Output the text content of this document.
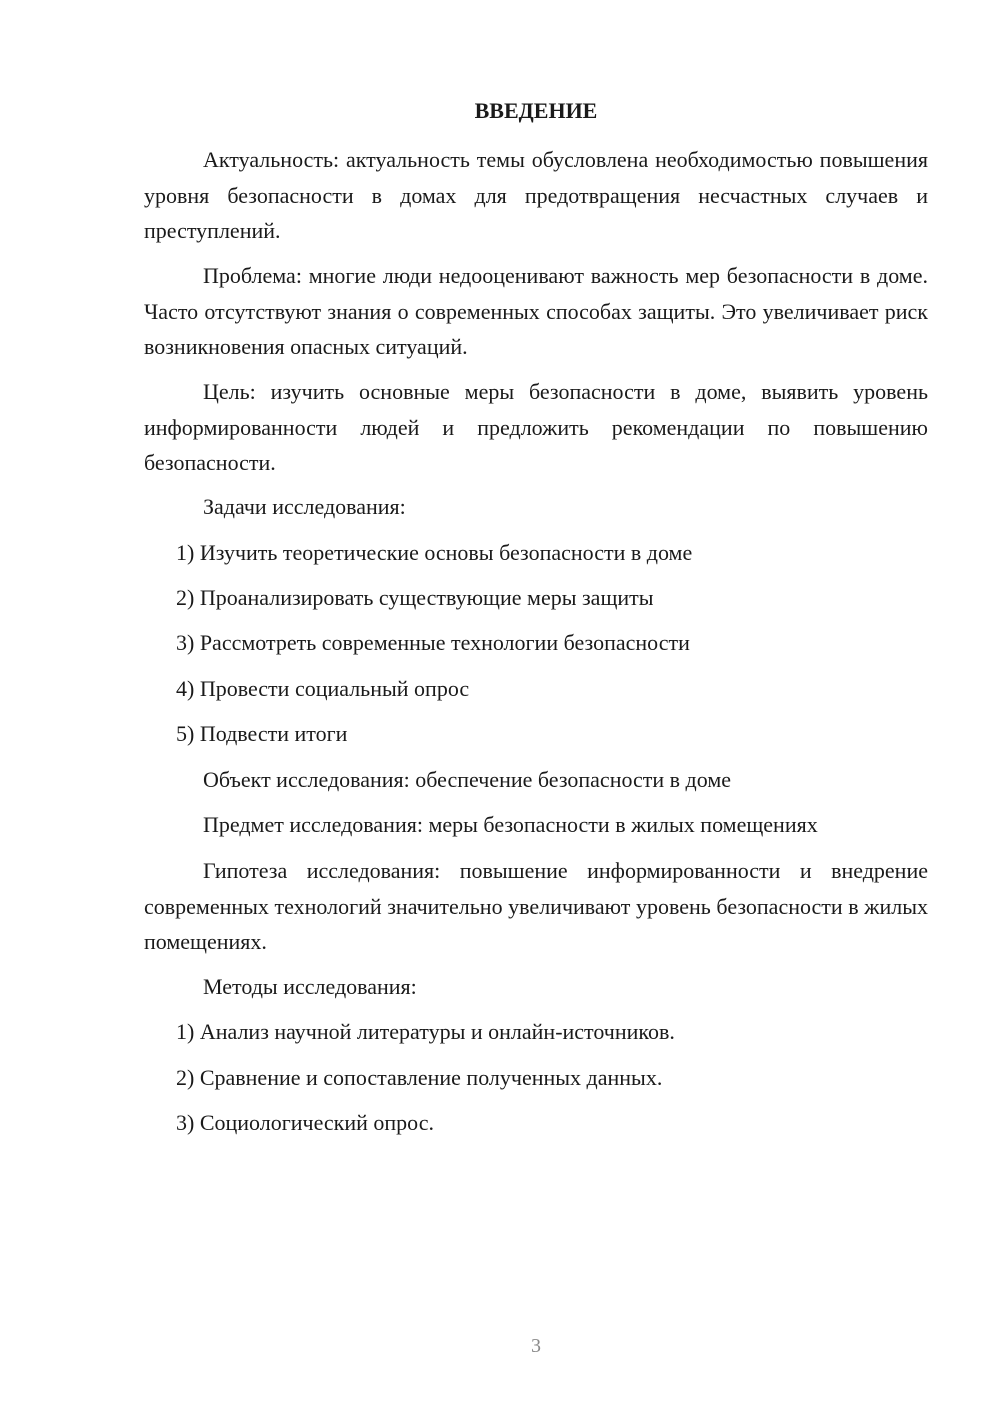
ВВЕДЕНИЕ

Актуальность: актуальность темы обусловлена необходимостью повышения уровня безопасности в домах для предотвращения несчастных случаев и преступлений.

Проблема: многие люди недооценивают важность мер безопасности в доме. Часто отсутствуют знания о современных способах защиты. Это увеличивает риск возникновения опасных ситуаций.

Цель: изучить основные меры безопасности в доме, выявить уровень информированности людей и предложить рекомендации по повышению безопасности.

Задачи исследования:

1) Изучить теоретические основы безопасности в доме

2) Проанализировать существующие меры защиты

3) Рассмотреть современные технологии безопасности

4) Провести социальный опрос

5) Подвести итоги

Объект исследования: обеспечение безопасности в доме

Предмет исследования: меры безопасности в жилых помещениях

Гипотеза исследования: повышение информированности и внедрение современных технологий значительно увеличивают уровень безопасности в жилых помещениях.

Методы исследования:

1) Анализ научной литературы и онлайн-источников.

2) Сравнение и сопоставление полученных данных.

3) Социологический опрос.

3
